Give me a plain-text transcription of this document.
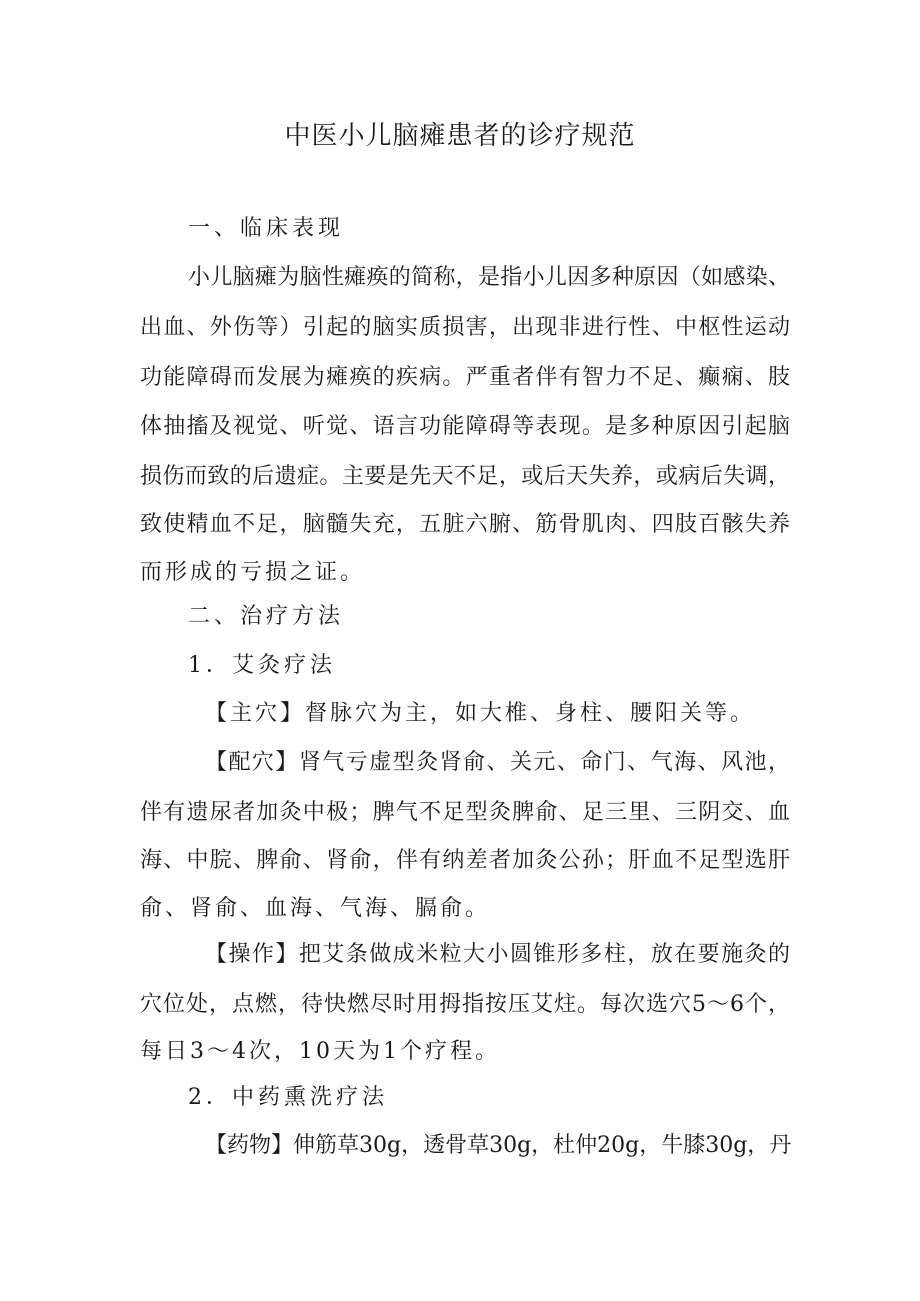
中医小儿脑瘫患者的诊疗规范
一、临床表现
小儿脑瘫为脑性瘫痪的简称，是指小儿因多种原因（如感染、
出血、外伤等）引起的脑实质损害，出现非进行性、中枢性运动
功能障碍而发展为瘫痪的疾病。严重者伴有智力不足、癫痫、肢
体抽搐及视觉、听觉、语言功能障碍等表现。是多种原因引起脑
损伤而致的后遗症。主要是先天不足，或后天失养，或病后失调，
致使精血不足，脑髓失充，五脏六腑、筋骨肌肉、四肢百骸失养
而形成的亏损之证。
二、治疗方法
1．艾灸疗法
【主穴】督脉穴为主，如大椎、身柱、腰阳关等。
【配穴】肾气亏虚型灸肾俞、关元、命门、气海、风池，
伴有遗尿者加灸中极；脾气不足型灸脾俞、足三里、三阴交、血
海、中脘、脾俞、肾俞，伴有纳差者加灸公孙；肝血不足型选肝
俞、肾俞、血海、气海、膈俞。
【操作】把艾条做成米粒大小圆锥形多柱，放在要施灸的
穴位处，点燃，待快燃尽时用拇指按压艾炷。每次选穴5～6个，
每日3～4次，10天为1个疗程。
2．中药熏洗疗法
【药物】伸筋草30g，透骨草30g，杜仲20g，牛膝30g，丹
